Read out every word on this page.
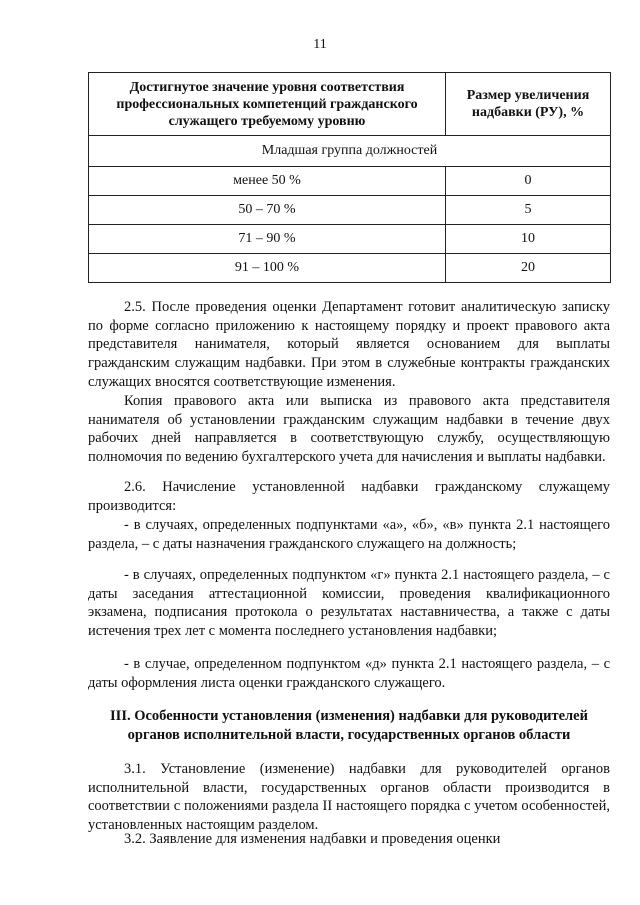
11
Достигнутое значение уровня соответствия профессиональных компетенций гражданского служащего требуемому уровню	Размер увеличения надбавки (РУ), %
Младшая группа должностей	
менее 50 %	0
50 – 70 %	5
71 – 90 %	10
91 – 100 %	20
2.5. После проведения оценки Департамент готовит аналитическую записку по форме согласно приложению к настоящему порядку и проект правового акта представителя нанимателя, который является основанием для выплаты гражданским служащим надбавки. При этом в служебные контракты гражданских служащих вносятся соответствующие изменения.
Копия правового акта или выписка из правового акта представителя нанимателя об установлении гражданским служащим надбавки в течение двух рабочих дней направляется в соответствующую службу, осуществляющую полномочия по ведению бухгалтерского учета для начисления и выплаты надбавки.
2.6. Начисление установленной надбавки гражданскому служащему производится:
- в случаях, определенных подпунктами «а», «б», «в» пункта 2.1 настоящего раздела, – с даты назначения гражданского служащего на должность;
- в случаях, определенных подпунктом «г» пункта 2.1 настоящего раздела, – с даты заседания аттестационной комиссии, проведения квалификационного экзамена, подписания протокола о результатах наставничества, а также с даты истечения трех лет с момента последнего установления надбавки;
- в случае, определенном подпунктом «д» пункта 2.1 настоящего раздела, – с даты оформления листа оценки гражданского служащего.
III. Особенности установления (изменения) надбавки для руководителей органов исполнительной власти, государственных органов области
3.1. Установление (изменение) надбавки для руководителей органов исполнительной власти, государственных органов области производится в соответствии с положениями раздела II настоящего порядка с учетом особенностей, установленных настоящим разделом.
3.2. Заявление для изменения надбавки и проведения оценки
